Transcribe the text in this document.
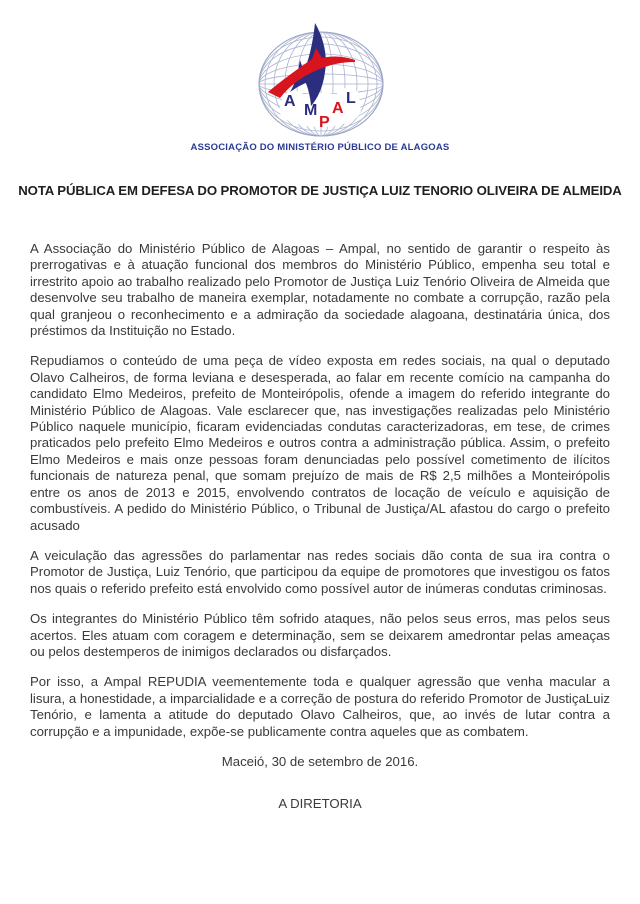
A
M
P
A
L
ASSOCIAÇÃO DO MINISTÉRIO PÚBLICO DE ALAGOAS
NOTA PÚBLICA EM DEFESA DO PROMOTOR DE JUSTIÇA LUIZ TENORIO OLIVEIRA DE ALMEIDA

A Associação do Ministério Público de Alagoas – Ampal, no sentido de garantir o respeito às prerrogativas e à atuação funcional dos membros do Ministério Público, empenha seu total e irrestrito apoio ao trabalho realizado pelo Promotor de Justiça Luiz Tenório Oliveira de Almeida que desenvolve seu trabalho de maneira exemplar, notadamente no combate a corrupção, razão pela qual granjeou o reconhecimento e a admiração da sociedade alagoana, destinatária única, dos préstimos da Instituição no Estado.

Repudiamos o conteúdo de uma peça de vídeo exposta em redes sociais, na qual o deputado Olavo Calheiros, de forma leviana e desesperada, ao falar em recente comício na campanha do candidato Elmo Medeiros, prefeito de Monteirópolis, ofende a imagem do referido integrante do Ministério Público de Alagoas. Vale esclarecer que, nas investigações realizadas pelo Ministério Público naquele município, ficaram evidenciadas condutas caracterizadoras, em tese, de crimes praticados pelo prefeito Elmo Medeiros e outros contra a administração pública. Assim, o prefeito Elmo Medeiros e mais onze pessoas foram denunciadas pelo possível cometimento de ilícitos funcionais de natureza penal, que somam prejuízo de mais de R$ 2,5 milhões a Monteirópolis entre os anos de 2013 e 2015, envolvendo contratos de locação de veículo e aquisição de combustíveis. A pedido do Ministério Público, o Tribunal de Justiça/AL afastou do cargo o prefeito acusado

A veiculação das agressões do parlamentar nas redes sociais dão conta de sua ira contra o Promotor de Justiça, Luiz Tenório, que participou da equipe de promotores que investigou os fatos nos quais o referido prefeito está envolvido como possível autor de inúmeras condutas criminosas.

Os integrantes do Ministério Público têm sofrido ataques, não pelos seus erros, mas pelos seus acertos. Eles atuam com coragem e determinação, sem se deixarem amedrontar pelas ameaças ou pelos destemperos de inimigos declarados ou disfarçados.

Por isso, a Ampal REPUDIA veementemente toda e qualquer agressão que venha macular a lisura, a honestidade, a imparcialidade e a correção de postura do referido Promotor de JustiçaLuiz Tenório, e lamenta a atitude do deputado Olavo Calheiros, que, ao invés de lutar contra a corrupção e a impunidade, expõe-se publicamente contra aqueles que as combatem.

Maceió, 30 de setembro de 2016.

A DIRETORIA
